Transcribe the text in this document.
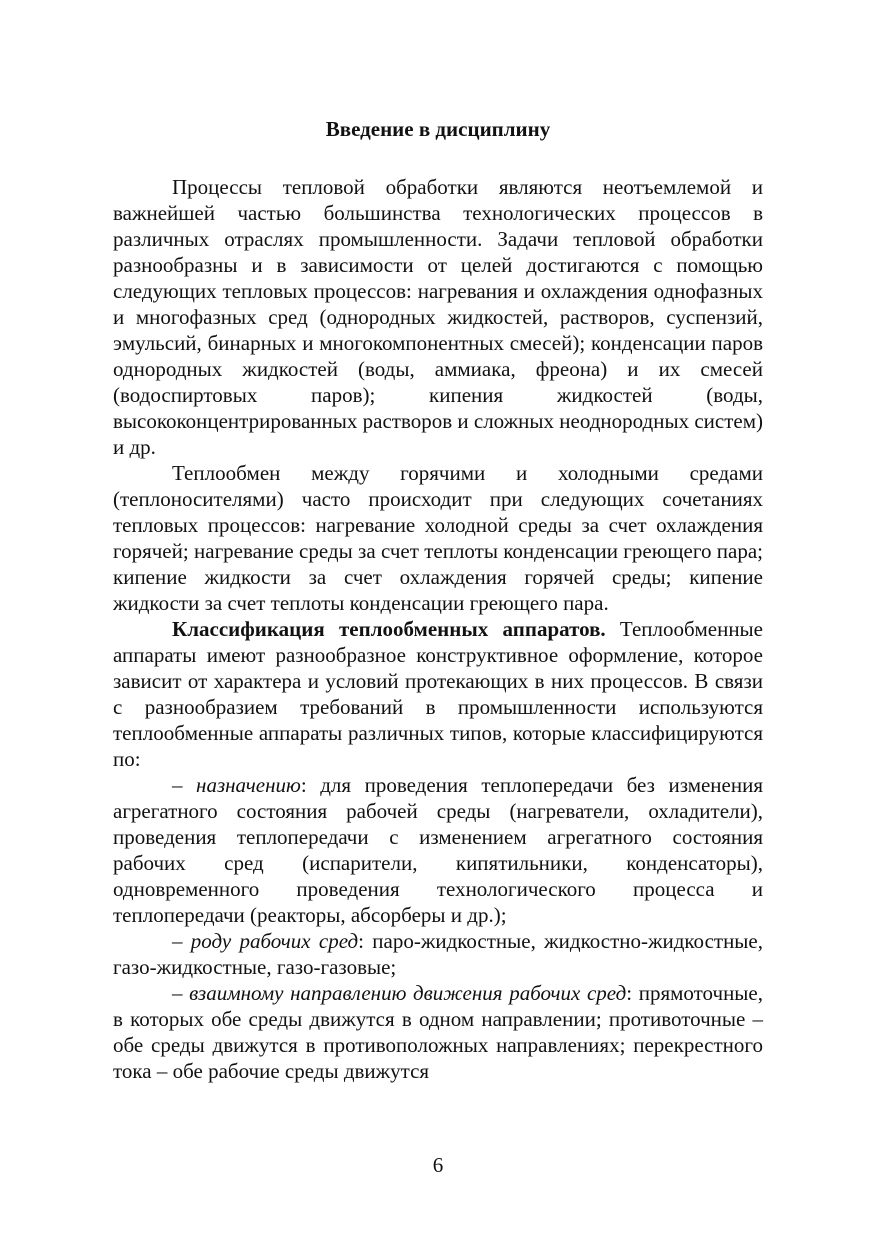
Введение в дисциплину

Процессы тепловой обработки являются неотъемлемой и важнейшей частью большинства технологических процессов в различных отраслях промышленности. Задачи тепловой обработки разнообразны и в зависимости от целей достигаются с помощью следующих тепловых процессов: нагревания и охлаждения однофазных и многофазных сред (однородных жидкостей, растворов, суспензий, эмульсий, бинарных и многокомпонентных смесей); конденсации паров однородных жидкостей (воды, аммиака, фреона) и их смесей (водоспиртовых паров); кипения жидкостей (воды, высококонцентрированных растворов и сложных неоднородных систем) и др.

Теплообмен между горячими и холодными средами (теплоносителями) часто происходит при следующих сочетаниях тепловых процессов: нагревание холодной среды за счет охлаждения горячей; нагревание среды за счет теплоты конденсации греющего пара; кипение жидкости за счет охлаждения горячей среды; кипение жидкости за счет теплоты конденсации греющего пара.

Классификация теплообменных аппаратов. Теплообменные аппараты имеют разнообразное конструктивное оформление, которое зависит от характера и условий протекающих в них процессов. В связи с разнообразием требований в промышленности используются теплообменные аппараты различных типов, которые классифицируются по:

– назначению: для проведения теплопередачи без изменения агрегатного состояния рабочей среды (нагреватели, охладители), проведения теплопередачи с изменением агрегатного состояния рабочих сред (испарители, кипятильники, конденсаторы), одновременного проведения технологического процесса и теплопередачи (реакторы, абсорберы и др.);

– роду рабочих сред: паро-жидкостные, жидкостно-жидкостные, газо-жидкостные, газо-газовые;

– взаимному направлению движения рабочих сред: прямоточные, в которых обе среды движутся в одном направлении; противоточные – обе среды движутся в противоположных направлениях; перекрестного тока – обе рабочие среды движутся

6
